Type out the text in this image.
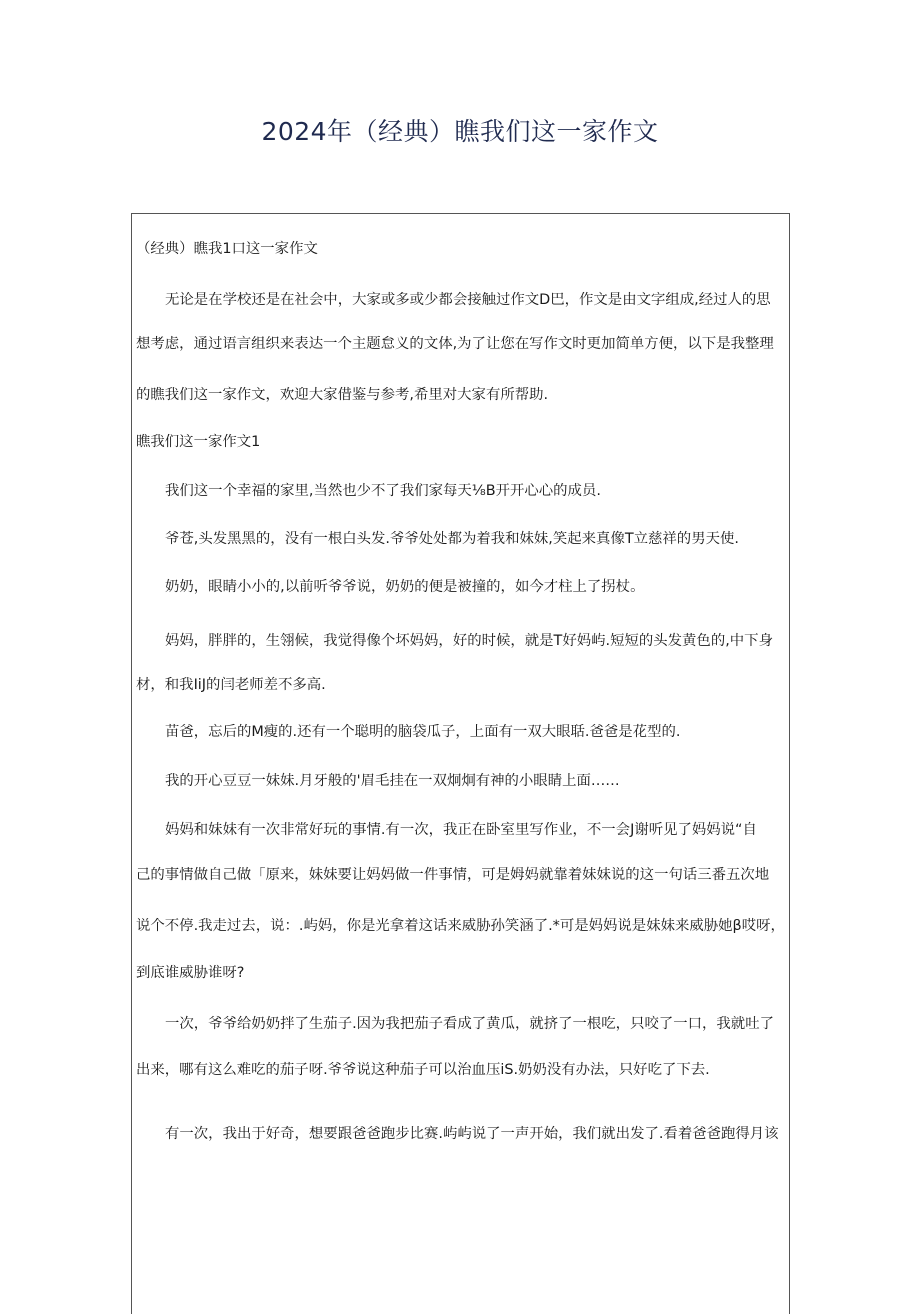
2024年（经典）瞧我们这一家作文
（经典）瞧我1口这一家作文
无论是在学校还是在社会中，大家或多或少都会接触过作文D巴，作文是由文字组成,经过人的思
想考虑，通过语言组织来表达一个主题怠义的文体,为了让您在写作文时更加简单方便，以下是我整理
的瞧我们这一家作文，欢迎大家借鉴与参考,希里对大家有所帮助.
瞧我们这一家作文1
我们这一个幸福的家里,当然也少不了我们家每天⅛B开开心心的成员.
爷苍,头发黑黑的，没有一根白头发.爷爷处处都为着我和妹妹,笑起来真像T立慈祥的男天使.
奶奶，眼睛小小的,以前听爷爷说，奶奶的便是被撞的，如今才柱上了拐杖。
妈妈，胖胖的，生翎候，我觉得像个坏妈妈，好的时候，就是T好妈屿.短短的头发黄色的,中下身
材，和我IiJ的闫老师差不多高.
苗爸，忘后的M瘦的.还有一个聪明的脑袋瓜子，上面有一双大眼聒.爸爸是花型的.
我的开心豆豆一妹妹.月牙般的'眉毛挂在一双炯炯有神的小眼睛上面……
妈妈和妹妹有一次非常好玩的事情.有一次，我正在卧室里写作业，不一会J谢听见了妈妈说“自
己的事情做自己做「原来，妹妹要让妈妈做一件事情，可是姆妈就靠着妹妹说的这一句话三番五次地
说个不停.我走过去，说：.屿妈，你是光拿着这话来威胁孙笑涵了.*可是妈妈说是妹妹来威胁她β哎呀，
到底谁威胁谁呀?
一次，爷爷给奶奶拌了生茄子.因为我把茄子看成了黄瓜，就挤了一根吃，只咬了一口，我就吐了
出来，哪有这么难吃的茄子呀.爷爷说这种茄子可以治血压iS.奶奶没有办法，只好吃了下去.
有一次，我出于好奇，想要跟爸爸跑步比赛.屿屿说了一声开始，我们就出发了.看着爸爸跑得月该
